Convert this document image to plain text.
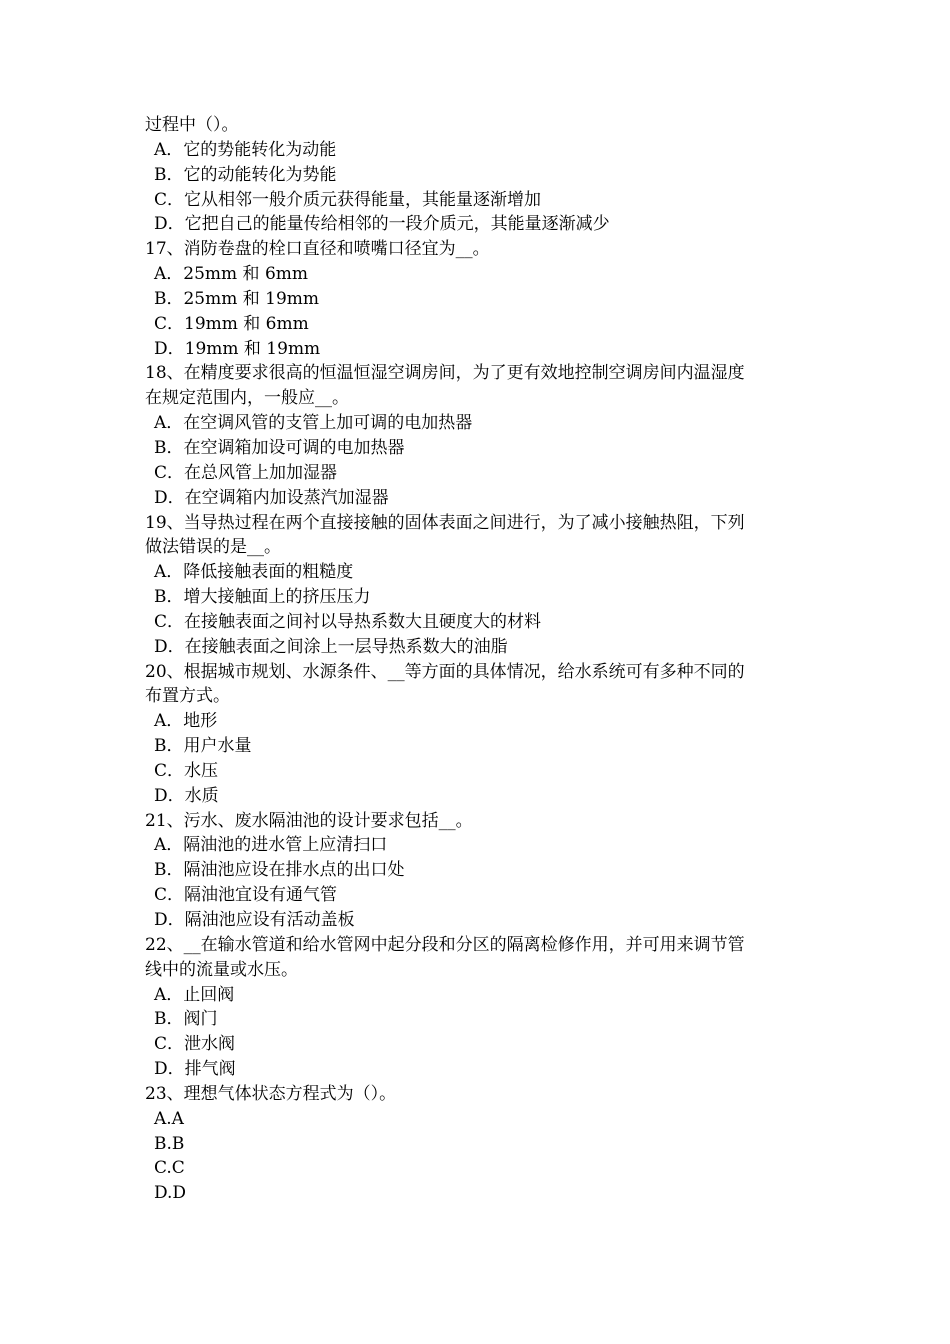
过程中（）。
A．它的势能转化为动能
B．它的动能转化为势能
C．它从相邻一般介质元获得能量，其能量逐渐增加
D．它把自己的能量传给相邻的一段介质元，其能量逐渐减少
17、消防卷盘的栓口直径和喷嘴口径宜为__。
A．25mm 和 6mm
B．25mm 和 19mm
C．19mm 和 6mm
D．19mm 和 19mm
18、在精度要求很高的恒温恒湿空调房间，为了更有效地控制空调房间内温湿度
在规定范围内，一般应__。
A．在空调风管的支管上加可调的电加热器
B．在空调箱加设可调的电加热器
C．在总风管上加加湿器
D．在空调箱内加设蒸汽加湿器
19、当导热过程在两个直接接触的固体表面之间进行，为了减小接触热阻，下列
做法错误的是__。
A．降低接触表面的粗糙度
B．增大接触面上的挤压压力
C．在接触表面之间衬以导热系数大且硬度大的材料
D．在接触表面之间涂上一层导热系数大的油脂
20、根据城市规划、水源条件、__等方面的具体情况，给水系统可有多种不同的
布置方式。
A．地形
B．用户水量
C．水压
D．水质
21、污水、废水隔油池的设计要求包括__。
A．隔油池的进水管上应清扫口
B．隔油池应设在排水点的出口处
C．隔油池宜设有通气管
D．隔油池应设有活动盖板
22、__在输水管道和给水管网中起分段和分区的隔离检修作用，并可用来调节管
线中的流量或水压。
A．止回阀
B．阀门
C．泄水阀
D．排气阀
23、理想气体状态方程式为（）。
A.A
B.B
C.C
D.D
